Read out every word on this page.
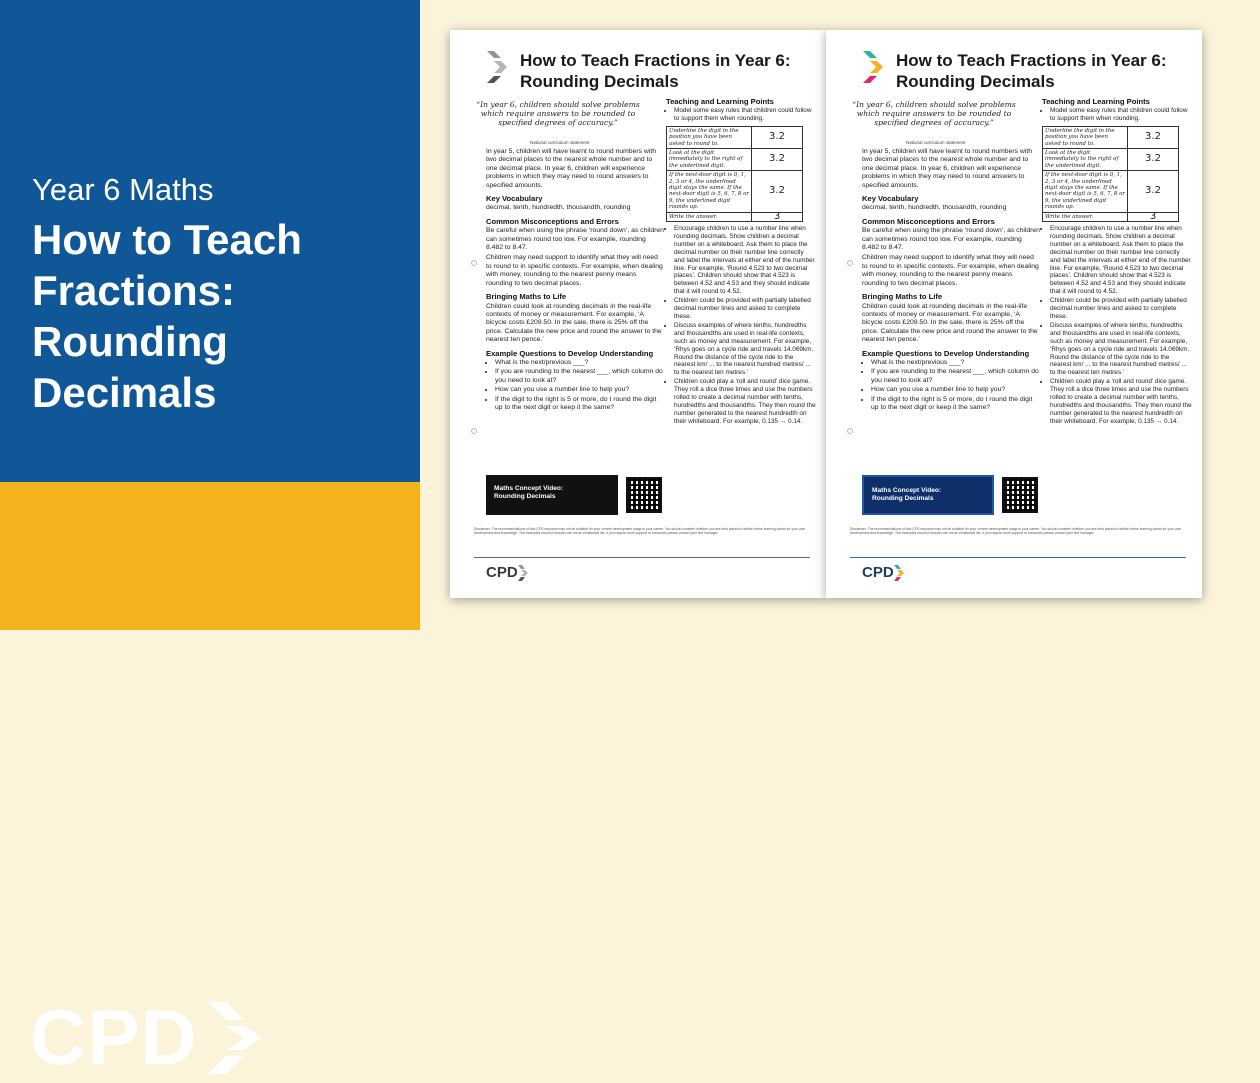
Year 6 Maths
How to Teach Fractions: Rounding Decimals
CPD
How to Teach Fractions in Year 6:
Rounding Decimals
“In year 6, children should solve problems which require answers to be rounded to specified degrees of accuracy.”
National curriculum statement

In year 5, children will have learnt to round numbers with two decimal places to the nearest whole number and to one decimal place. In year 6, children will experience problems in which they may need to round answers to specified amounts.

Key Vocabulary

decimal, tenth, hundredth, thousandth, rounding

Common Misconceptions and Errors

Be careful when using the phrase ‘round down’, as children can sometimes round too low. For example, rounding 8.482 to 8.47.

Children may need support to identify what they will need to round to in specific contexts. For example, when dealing with money, rounding to the nearest penny means rounding to two decimal places.

Bringing Maths to Life

Children could look at rounding decimals in the real-life contexts of money or measurement. For example, ‘A bicycle costs £209.50. In the sale, there is 25% off the price. Calculate the new price and round the answer to the nearest ten pence.’

Example Questions to Develop Understanding
• What is the next/previous ___?
• If you are rounding to the nearest ___, which column do you need to look at?
• How can you use a number line to help you?
• If the digit to the right is 5 or more, do I round the digit up to the next digit or keep it the same?
Teaching and Learning Points
• Model some easy rules that children could follow to support them when rounding.
Underline the digit in the position you have been asked to round to.	3.2
Look at the digit immediately to the right of the underlined digit.	3.2
If the next-door digit is 0, 1, 2, 3 or 4, the underlined digit stays the same. If the next-door digit is 5, 6, 7, 8 or 9, the underlined digit rounds up.	3.2
Write the answer.	3
• Encourage children to use a number line when rounding decimals. Show children a decimal number on a whiteboard. Ask them to place the decimal number on their number line correctly and label the intervals at either end of the number line. For example, ‘Round 4.523 to two decimal places’. Children should show that 4.523 is between 4.52 and 4.53 and they should indicate that it will round to 4.52.
• Children could be provided with partially labelled decimal number lines and asked to complete these.
• Discuss examples of where tenths, hundredths and thousandths are used in real-life contexts, such as money and measurement. For example, ‘Rhys goes on a cycle ride and travels 14.069km. Round the distance of the cycle ride to the nearest km/ ... to the nearest hundred metres/ ... to the nearest ten metres.’
• Children could play a ‘roll and round’ dice game. They roll a dice three times and use the numbers rolled to create a decimal number with tenths, hundredths and thousandths. They then round the number generated to the nearest hundredth on their whiteboard. For example, 0.135 → 0.14.
Maths Concept Video:
Rounding Decimals
Disclaimer: The recommendations of this CPD resource may not be suitable for your current development stage in your career. You should consider whether you are best placed to deliver these learning points for your own development and knowledge. The examples used for lessons are not an exhaustive list. If you require more support or resources please contact your line manager.
CPD
How to Teach Fractions in Year 6:
Rounding Decimals
“In year 6, children should solve problems which require answers to be rounded to specified degrees of accuracy.”
National curriculum statement

In year 5, children will have learnt to round numbers with two decimal places to the nearest whole number and to one decimal place. In year 6, children will experience problems in which they may need to round answers to specified amounts.

Key Vocabulary

decimal, tenth, hundredth, thousandth, rounding

Common Misconceptions and Errors

Be careful when using the phrase ‘round down’, as children can sometimes round too low. For example, rounding 8.482 to 8.47.

Children may need support to identify what they will need to round to in specific contexts. For example, when dealing with money, rounding to the nearest penny means rounding to two decimal places.

Bringing Maths to Life

Children could look at rounding decimals in the real-life contexts of money or measurement. For example, ‘A bicycle costs £209.50. In the sale, there is 25% off the price. Calculate the new price and round the answer to the nearest ten pence.’

Example Questions to Develop Understanding
• What is the next/previous ___?
• If you are rounding to the nearest ___, which column do you need to look at?
• How can you use a number line to help you?
• If the digit to the right is 5 or more, do I round the digit up to the next digit or keep it the same?
Teaching and Learning Points
• Model some easy rules that children could follow to support them when rounding.
Underline the digit in the position you have been asked to round to.	3.2
Look at the digit immediately to the right of the underlined digit.	3.2
If the next-door digit is 0, 1, 2, 3 or 4, the underlined digit stays the same. If the next-door digit is 5, 6, 7, 8 or 9, the underlined digit rounds up.	3.2
Write the answer.	3
• Encourage children to use a number line when rounding decimals. Show children a decimal number on a whiteboard. Ask them to place the decimal number on their number line correctly and label the intervals at either end of the number line. For example, ‘Round 4.523 to two decimal places’. Children should show that 4.523 is between 4.52 and 4.53 and they should indicate that it will round to 4.52.
• Children could be provided with partially labelled decimal number lines and asked to complete these.
• Discuss examples of where tenths, hundredths and thousandths are used in real-life contexts, such as money and measurement. For example, ‘Rhys goes on a cycle ride and travels 14.069km. Round the distance of the cycle ride to the nearest km/ ... to the nearest hundred metres/ ... to the nearest ten metres.’
• Children could play a ‘roll and round’ dice game. They roll a dice three times and use the numbers rolled to create a decimal number with tenths, hundredths and thousandths. They then round the number generated to the nearest hundredth on their whiteboard. For example, 0.135 → 0.14.
Maths Concept Video:
Rounding Decimals
Disclaimer: The recommendations of this CPD resource may not be suitable for your current development stage in your career. You should consider whether you are best placed to deliver these learning points for your own development and knowledge. The examples used for lessons are not an exhaustive list. If you require more support or resources please contact your line manager.
CPD
